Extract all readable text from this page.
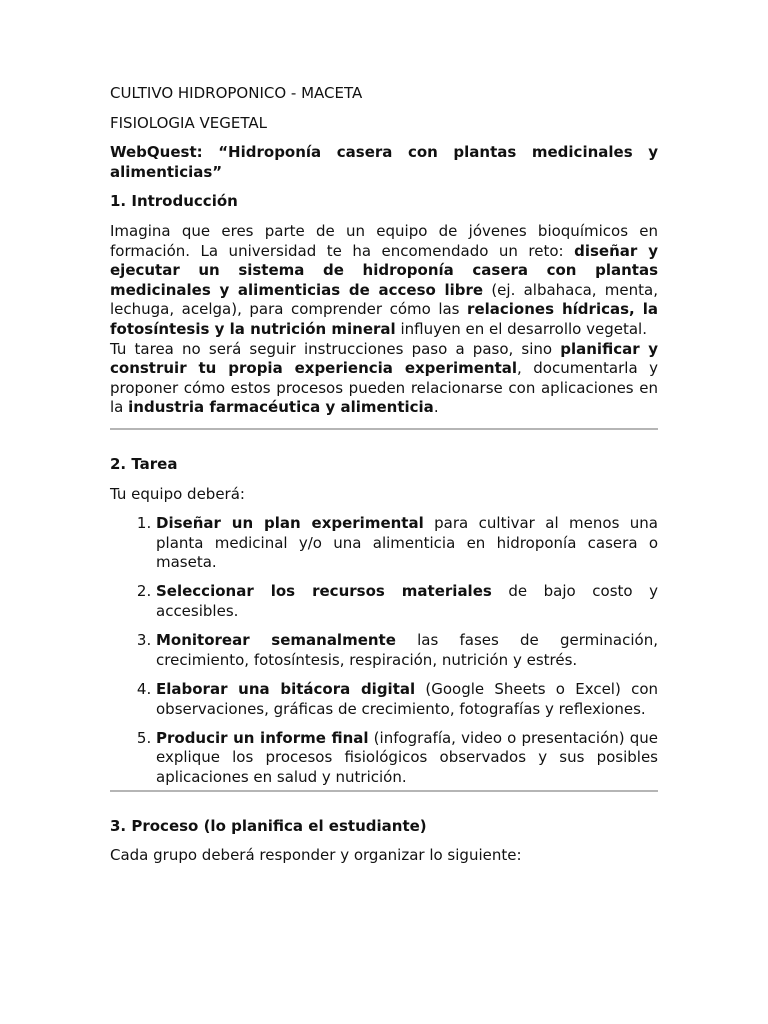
CULTIVO HIDROPONICO - MACETA

FISIOLOGIA VEGETAL

WebQuest: “Hidroponía casera con plantas medicinales y alimenticias”

1. Introducción

Imagina que eres parte de un equipo de jóvenes bioquímicos en formación. La universidad te ha encomendado un reto: diseñar y ejecutar un sistema de hidroponía casera con plantas medicinales y alimenticias de acceso libre (ej. albahaca, menta, lechuga, acelga), para comprender cómo las relaciones hídricas, la fotosíntesis y la nutrición mineral influyen en el desarrollo vegetal.

Tu tarea no será seguir instrucciones paso a paso, sino planificar y construir tu propia experiencia experimental, documentarla y proponer cómo estos procesos pueden relacionarse con aplicaciones en la industria farmacéutica y alimenticia.

2. Tarea

Tu equipo deberá:

1. Diseñar un plan experimental para cultivar al menos una planta medicinal y/o una alimenticia en hidroponía casera o maseta.
2. Seleccionar los recursos materiales de bajo costo y accesibles.
3. Monitorear semanalmente las fases de germinación, crecimiento, fotosíntesis, respiración, nutrición y estrés.
4. Elaborar una bitácora digital (Google Sheets o Excel) con observaciones, gráficas de crecimiento, fotografías y reflexiones.
5. Producir un informe final (infografía, video o presentación) que explique los procesos fisiológicos observados y sus posibles aplicaciones en salud y nutrición.

3. Proceso (lo planifica el estudiante)

Cada grupo deberá responder y organizar lo siguiente:
